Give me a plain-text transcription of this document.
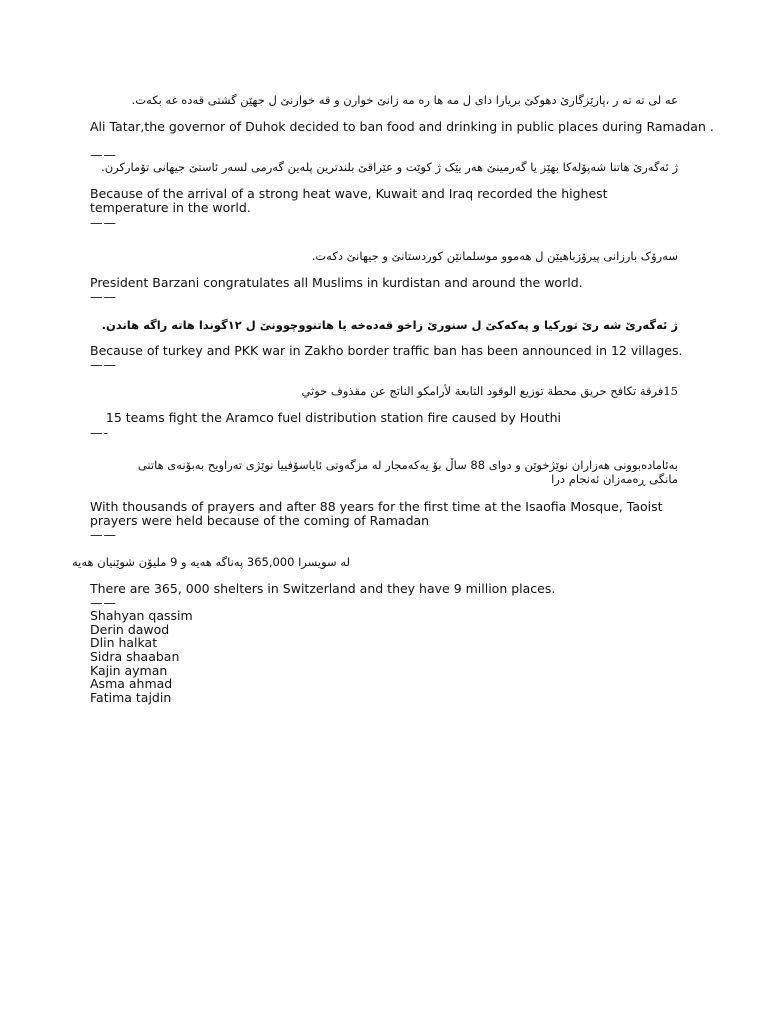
عه لى ته ته ر ،پارێزگارێ دهوکێ بریارا داى ل مه ها ره مه زانێ خوارن و قه خوارنێ ل جهێن گشتى قه‌ده غه بكه‌ت.

Ali Tatar,the governor of Duhok decided to ban food and drinking in public places during Ramadan .

——

ژ ئه‌گه‌رێ هاتنا شه‌پۆله‌كا بهێز یا گه‌رمینێ هه‌ر یێک ژ کوێت و عێراقێ بلندترین پلەین گەرمی لسەر ئاستێ جیهانی تۆمارکرن.

Because of the arrival of a strong heat wave, Kuwait and Iraq recorded the highest temperature in the world.

——

سەرۆک بارزانی پیرۆزباهیێن ل هەموو موسلمانێن کوردستانێ و جیهانێ دکەت.

President Barzani congratulates all Muslims in kurdistan and around the world.

——

ژ ئەگەرێ شه رێ توركیا و پەكەكێ ل سنورێ زاخو قه‌ده‌خه یا هاتنووچوونێ ل ١٢گوندا هاتە راگە هاندن.

Because of turkey and PKK war in Zakho border traffic ban has been announced in 12 villages.

——

15فرقة تكافح حريق محطة توزيع الوقود التابعة لأرامكو الناتج عن مقذوف حوثي

15 teams fight the Aramco fuel distribution station fire caused by Houthi

—-

بەئامادەبوونی هەزاران نوێژخوێن و دوای 88 ساڵ بۆ یەکەمجار لە مزگەوتی ئایاسۆفییا نوێژی تەراویح بەبۆنەی هاتنی مانگی ڕەمەزان ئەنجام درا

With thousands of prayers and after 88 years for the first time at the Isaofia Mosque, Taoist prayers were held because of the coming of Ramadan

——

لە سویسرا 365,000 پەناگە هەیە و 9 ملیۆن شوێنیان هەیە

There are 365, 000 shelters in Switzerland and they have 9 million places.

——

Shahyan qassim

Derin dawod

Dlin halkat

Sidra shaaban

Kajin ayman

Asma ahmad

Fatima tajdin
